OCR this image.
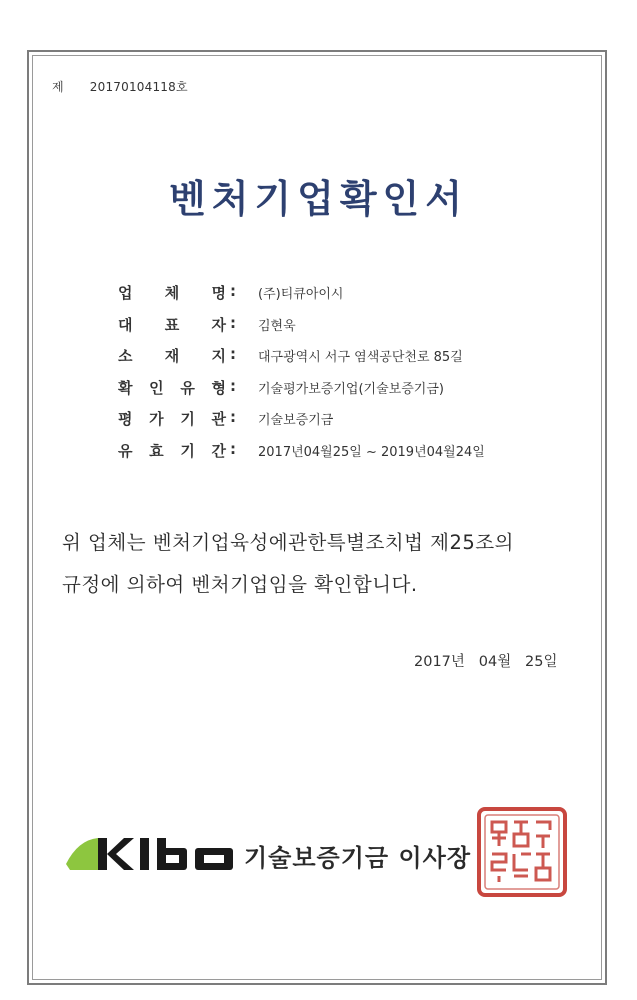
제 20170104118호
벤처기업확인서
업 체 명 : (주)티큐아이시
대 표 자 : 김현욱
소 재 지 : 대구광역시 서구 염색공단천로 85길
확 인 유 형 : 기술평가보증기업(기술보증기금)
평 가 기 관 : 기술보증기금
유 효 기 간 : 2017년04월25일 ~ 2019년04월24일
위 업체는 벤처기업육성에관한특별조치법 제25조의
규정에 의하여 벤처기업임을 확인합니다.
2017년 04월 25일
기술보증기금 이사장
